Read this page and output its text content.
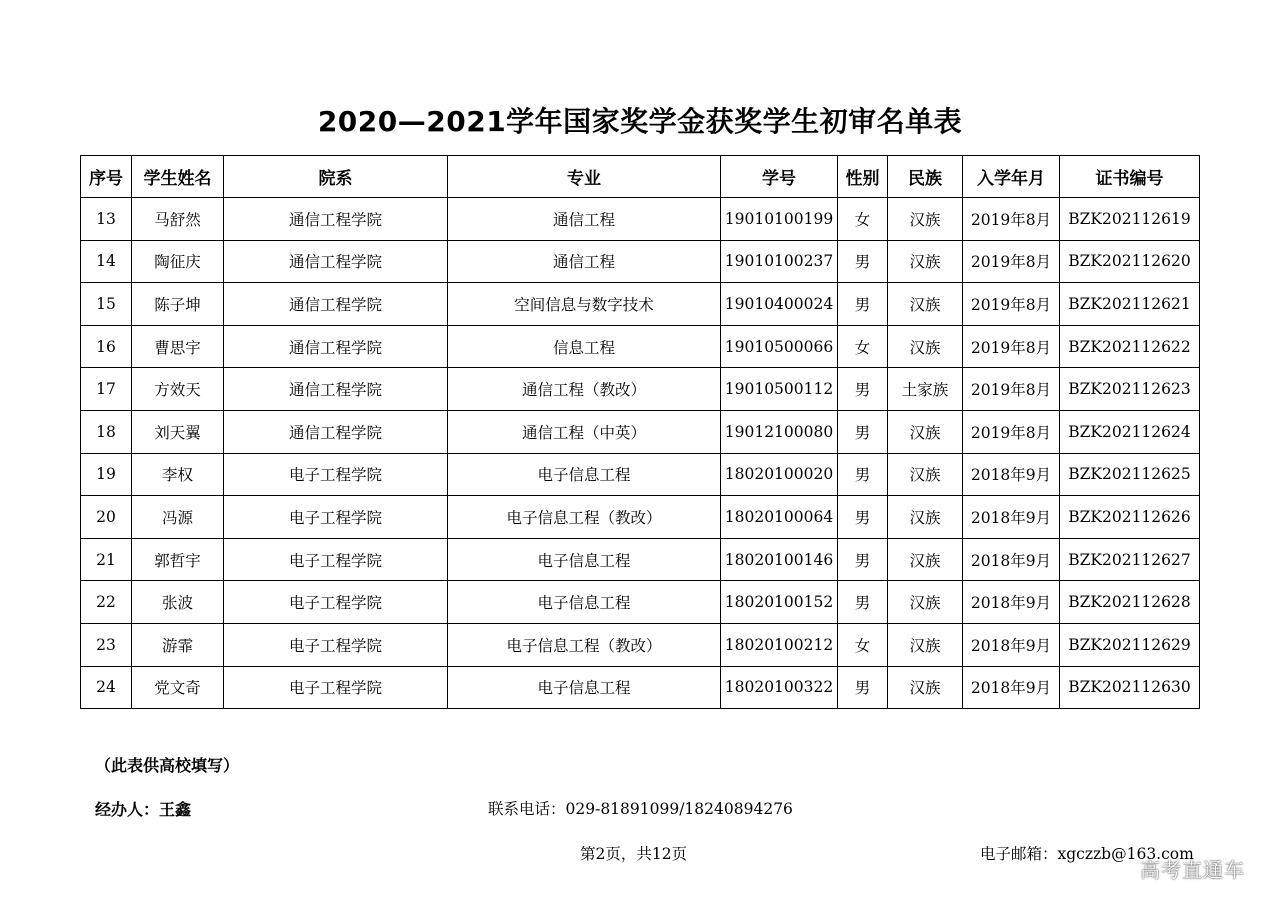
2020—2021学年国家奖学金获奖学生初审名单表
序号	学生姓名	院系	专业	学号	性别	民族	入学年月	证书编号
13	马舒然	通信工程学院	通信工程	19010100199	女	汉族	2019年8月	BZK202112619
14	陶征庆	通信工程学院	通信工程	19010100237	男	汉族	2019年8月	BZK202112620
15	陈子坤	通信工程学院	空间信息与数字技术	19010400024	男	汉族	2019年8月	BZK202112621
16	曹思宇	通信工程学院	信息工程	19010500066	女	汉族	2019年8月	BZK202112622
17	方效天	通信工程学院	通信工程（教改）	19010500112	男	土家族	2019年8月	BZK202112623
18	刘天翼	通信工程学院	通信工程（中英）	19012100080	男	汉族	2019年8月	BZK202112624
19	李权	电子工程学院	电子信息工程	18020100020	男	汉族	2018年9月	BZK202112625
20	冯源	电子工程学院	电子信息工程（教改）	18020100064	男	汉族	2018年9月	BZK202112626
21	郭哲宇	电子工程学院	电子信息工程	18020100146	男	汉族	2018年9月	BZK202112627
22	张波	电子工程学院	电子信息工程	18020100152	男	汉族	2018年9月	BZK202112628
23	游霏	电子工程学院	电子信息工程（教改）	18020100212	女	汉族	2018年9月	BZK202112629
24	党文奇	电子工程学院	电子信息工程	18020100322	男	汉族	2018年9月	BZK202112630
（此表供高校填写）
经办人：王鑫	联系电话：029-81891099/18240894276
第2页，共12页	电子邮箱：xgczzb@163.com
高考直通车
